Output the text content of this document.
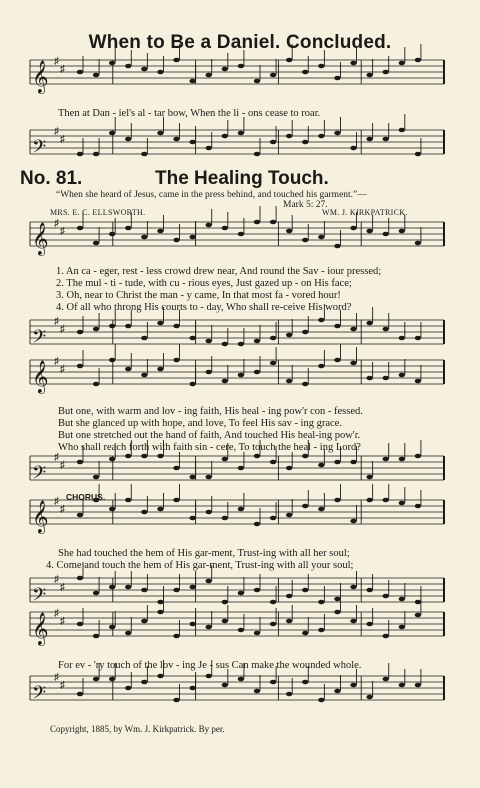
𝄞 ♯
♯
𝄢
♯
♯
𝄞 ♯
♯
𝄢
♯
♯
𝄞 ♯
♯
𝄢
♯
♯
𝄞 ♯
♯
𝄢
♯
♯
𝄞 ♯
♯
𝄢
♯
♯
When to Be a Daniel. Concluded.
Then at Dan - iel's al - tar bow, When the li - ons cease to roar.
No. 81.	The Healing Touch.
“When she heard of Jesus, came in the press behind, and touched his garment.”—
Mark 5: 27.
MRS. E. C. ELLSWORTH.	WM. J. KIRKPATRICK.
1. An ca - eger, rest - less crowd drew near, And round the Sav - iour pressed;
2. The mul - ti - tude, with cu - rious eyes, Just gazed up - on His face;
3. Oh, near to Christ the man - y came, In that most fa - vored hour!
4. Of all who throng His courts to - day, Who shall re-ceive His word?
But one, with warm and lov - ing faith, His heal - ing pow'r con - fessed.
But she glanced up with hope, and love, To feel His sav - ing grace.
But one stretched out the hand of faith, And touched His heal-ing pow'r.
Who shall reach forth with faith sin - cere, To touch the heal - ing Lord?
CHORUS.
She had touched the hem of His gar-ment, Trust-ing with all her soul;
4. Come and touch the hem of His gar-ment, Trust-ing with all your soul;
For ev - 'ry touch of the lov - ing Je - sus Can make the wounded whole.
Copyright, 1885, by Wm. J. Kirkpatrick. By per.
